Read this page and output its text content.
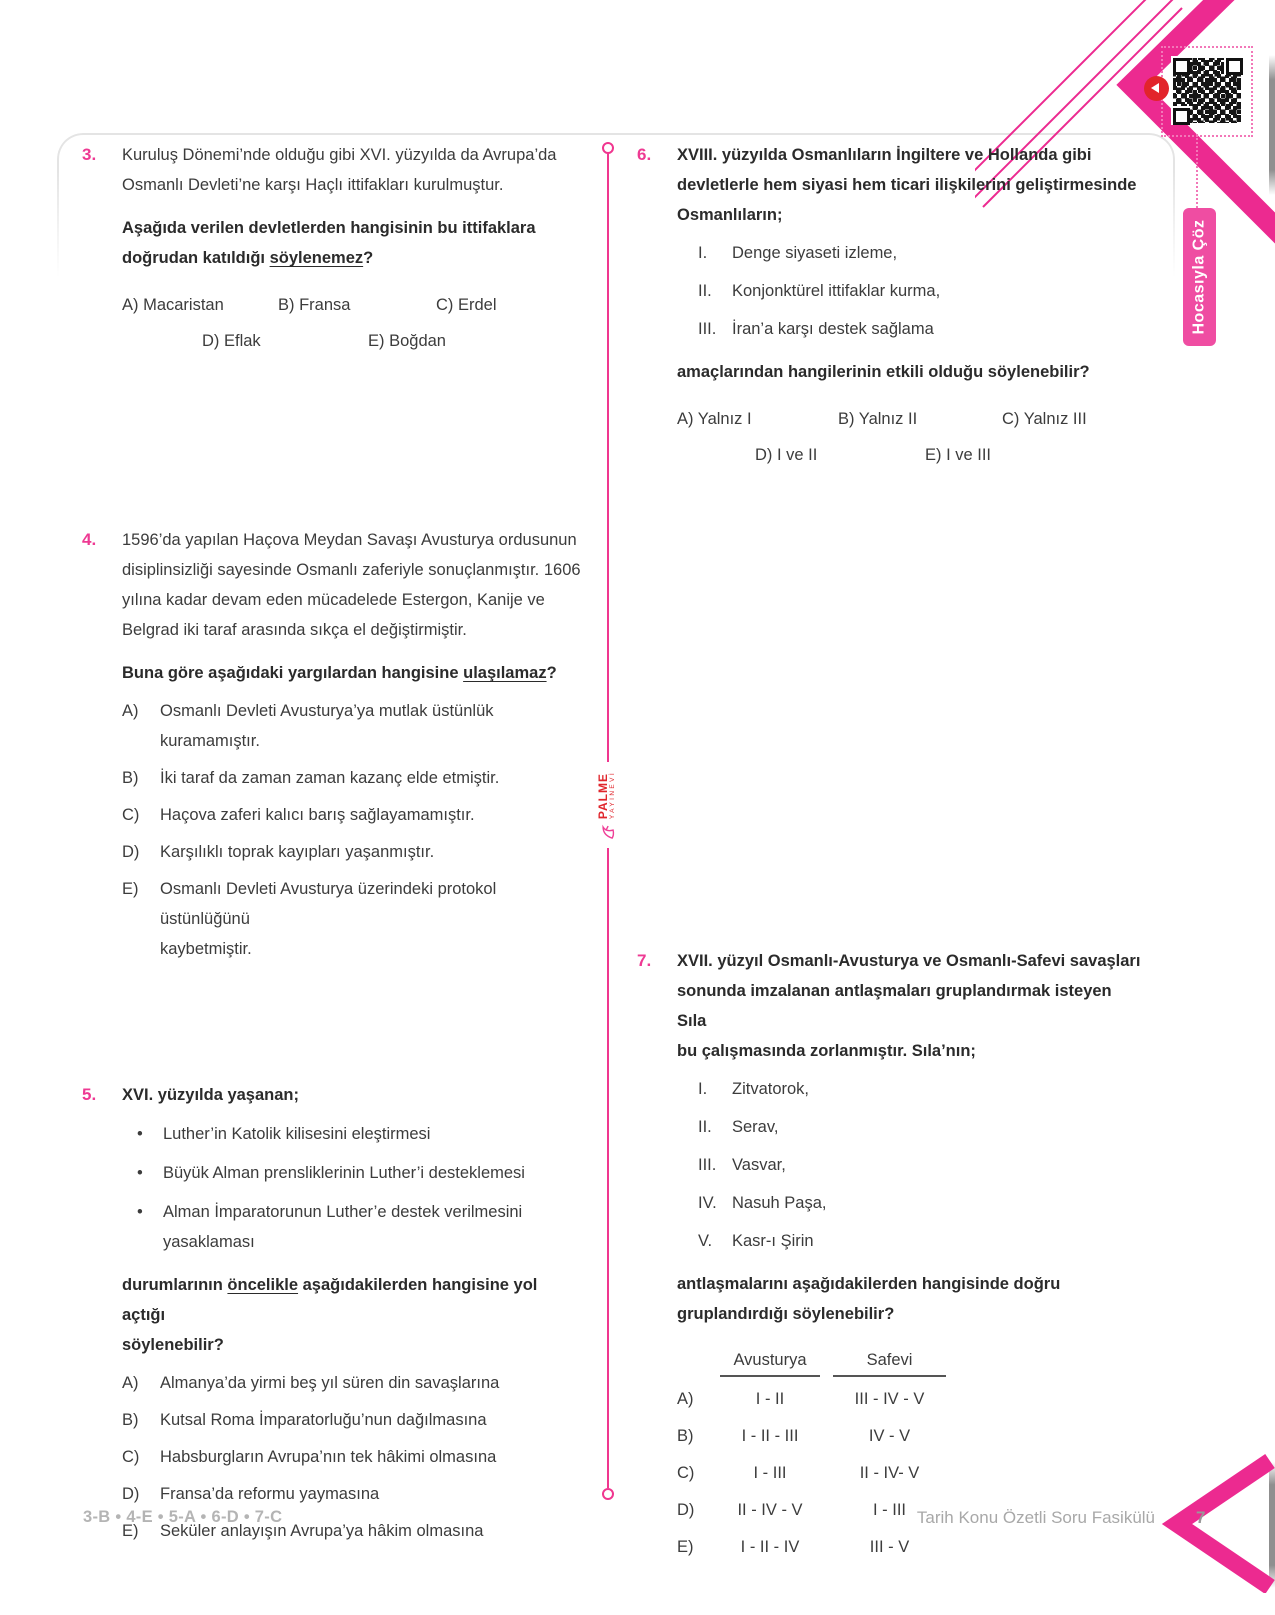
Hocasıyla Çöz
PALME YAYINEVİ
3. Kuruluş Dönemi’nde olduğu gibi XVI. yüzyılda da Avrupa’da
Osmanlı Devleti’ne karşı Haçlı ittifakları kurulmuştur.
Aşağıda verilen devletlerden hangisinin bu ittifaklara
doğrudan katıldığı söylenemez?
A) Macaristan	B) Fransa	C) Erdel
D) Eflak	E) Boğdan
4. 1596’da yapılan Haçova Meydan Savaşı Avusturya ordusunun
disiplinsizliği sayesinde Osmanlı zaferiyle sonuçlanmıştır. 1606
yılına kadar devam eden mücadelede Estergon, Kanije ve
Belgrad iki taraf arasında sıkça el değiştirmiştir.
Buna göre aşağıdaki yargılardan hangisine ulaşılamaz?
A)	Osmanlı Devleti Avusturya’ya mutlak üstünlük kuramamıştır.
B)	İki taraf da zaman zaman kazanç elde etmiştir.
C)	Haçova zaferi kalıcı barış sağlayamamıştır.
D)	Karşılıklı toprak kayıpları yaşanmıştır.
E)	Osmanlı Devleti Avusturya üzerindeki protokol üstünlüğünü
kaybetmiştir.
5. XVI. yüzyılda yaşanan;
•	Luther’in Katolik kilisesini eleştirmesi
•	Büyük Alman prensliklerinin Luther’i desteklemesi
•	Alman İmparatorunun Luther’e destek verilmesini
yasaklaması
durumlarının öncelikle aşağıdakilerden hangisine yol açtığı
söylenebilir?
A)	Almanya’da yirmi beş yıl süren din savaşlarına
B)	Kutsal Roma İmparatorluğu’nun dağılmasına
C)	Habsburgların Avrupa’nın tek hâkimi olmasına
D)	Fransa’da reformu yaymasına
E)	Seküler anlayışın Avrupa’ya hâkim olmasına
6. XVIII. yüzyılda Osmanlıların İngiltere ve Hollanda gibi
devletlerle hem siyasi hem ticari ilişkilerini geliştirmesinde
Osmanlıların;
I.	Denge siyaseti izleme,
II.	Konjonktürel ittifaklar kurma,
III. İran’a karşı destek sağlama
amaçlarından hangilerinin etkili olduğu söylenebilir?
A) Yalnız I	B) Yalnız II	C) Yalnız III
D) I ve II	E) I ve III
7. XVII. yüzyıl Osmanlı-Avusturya ve Osmanlı-Safevi savaşları
sonunda imzalanan antlaşmaları gruplandırmak isteyen Sıla
bu çalışmasında zorlanmıştır. Sıla’nın;
I.	Zitvatorok,
II.	Serav,
III. Vasvar,
IV. Nasuh Paşa,
V.	Kasr-ı Şirin
antlaşmalarını aşağıdakilerden hangisinde doğru
gruplandırdığı söylenebilir?
Avusturya	Safevi
A)	I - II	III - IV - V
B)	I - II - III	IV - V
C)	I - III	II - IV- V
D)	II - IV - V	I - III
E)	I - II - IV	III - V
3-B • 4-E • 5-A • 6-D • 7-C	Tarih Konu Özetli Soru Fasikülü 7
